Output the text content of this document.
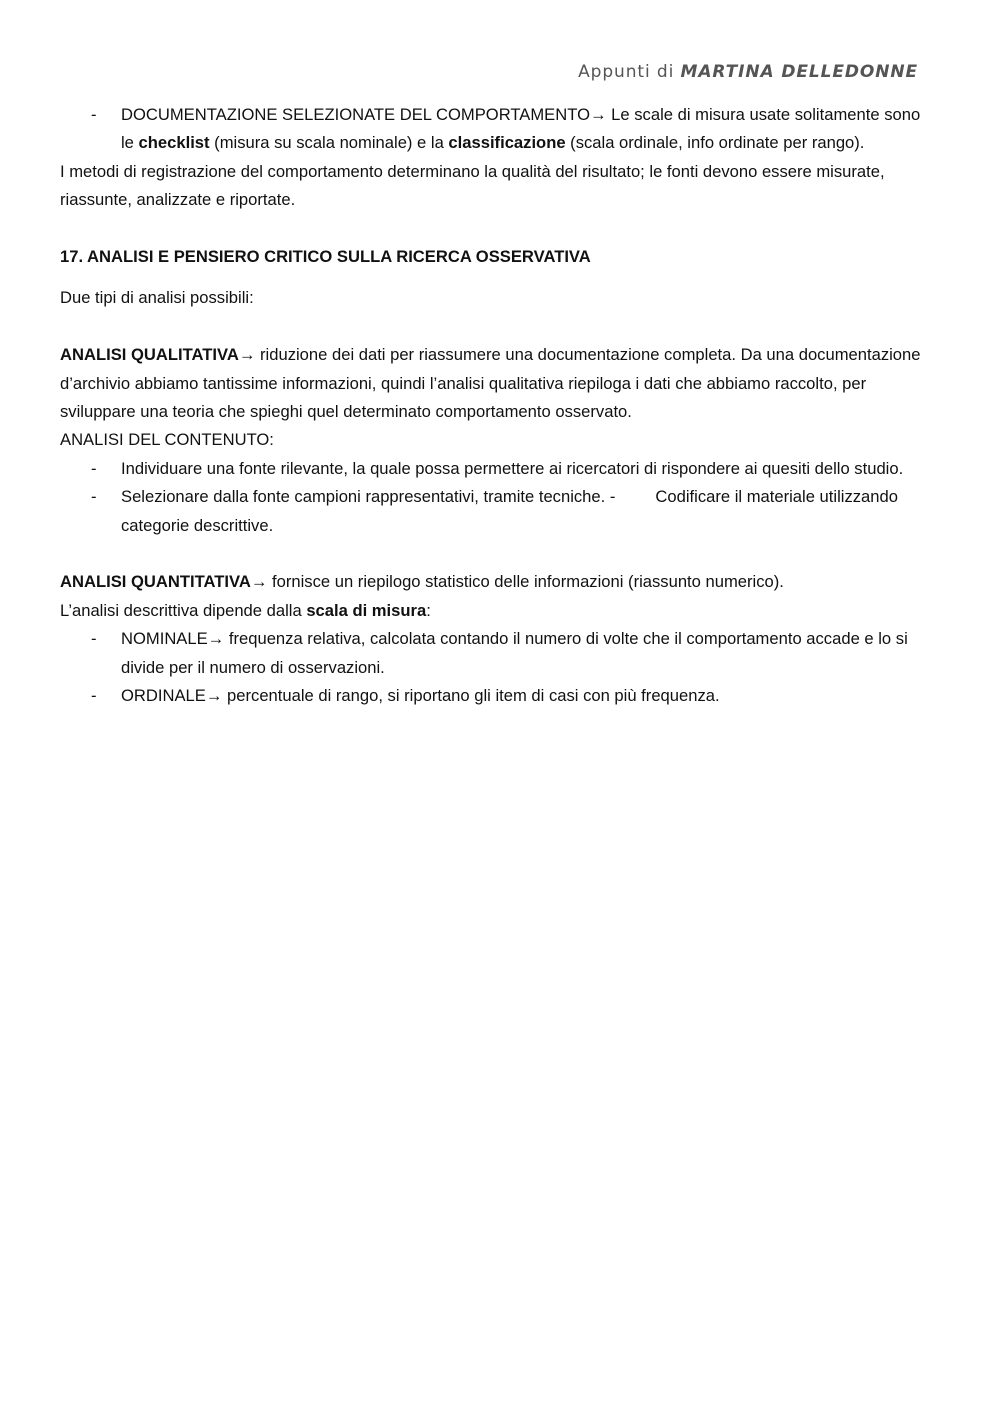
Appunti di MARTINA DELLEDONNE
- DOCUMENTAZIONE SELEZIONATE DEL COMPORTAMENTO→ Le scale di misura usate solitamente sono le checklist (misura su scala nominale) e la classificazione (scala ordinale, info ordinate per rango).

I metodi di registrazione del comportamento determinano la qualità del risultato; le fonti devono essere misurate, riassunte, analizzate e riportate.

17. ANALISI E PENSIERO CRITICO SULLA RICERCA OSSERVATIVA

Due tipi di analisi possibili:

ANALISI QUALITATIVA→ riduzione dei dati per riassumere una documentazione completa. Da una documentazione d’archivio abbiamo tantissime informazioni, quindi l’analisi qualitativa riepiloga i dati che abbiamo raccolto, per sviluppare una teoria che spieghi quel determinato comportamento osservato.

ANALISI DEL CONTENUTO:

- Individuare una fonte rilevante, la quale possa permettere ai ricercatori di rispondere ai quesiti dello studio.
- Selezionare dalla fonte campioni rappresentativi, tramite tecniche. - Codificare il materiale utilizzando categorie descrittive.

ANALISI QUANTITATIVA→ fornisce un riepilogo statistico delle informazioni (riassunto numerico).

L’analisi descrittiva dipende dalla scala di misura:

- NOMINALE→ frequenza relativa, calcolata contando il numero di volte che il comportamento accade e lo si divide per il numero di osservazioni.
- ORDINALE→ percentuale di rango, si riportano gli item di casi con più frequenza.
